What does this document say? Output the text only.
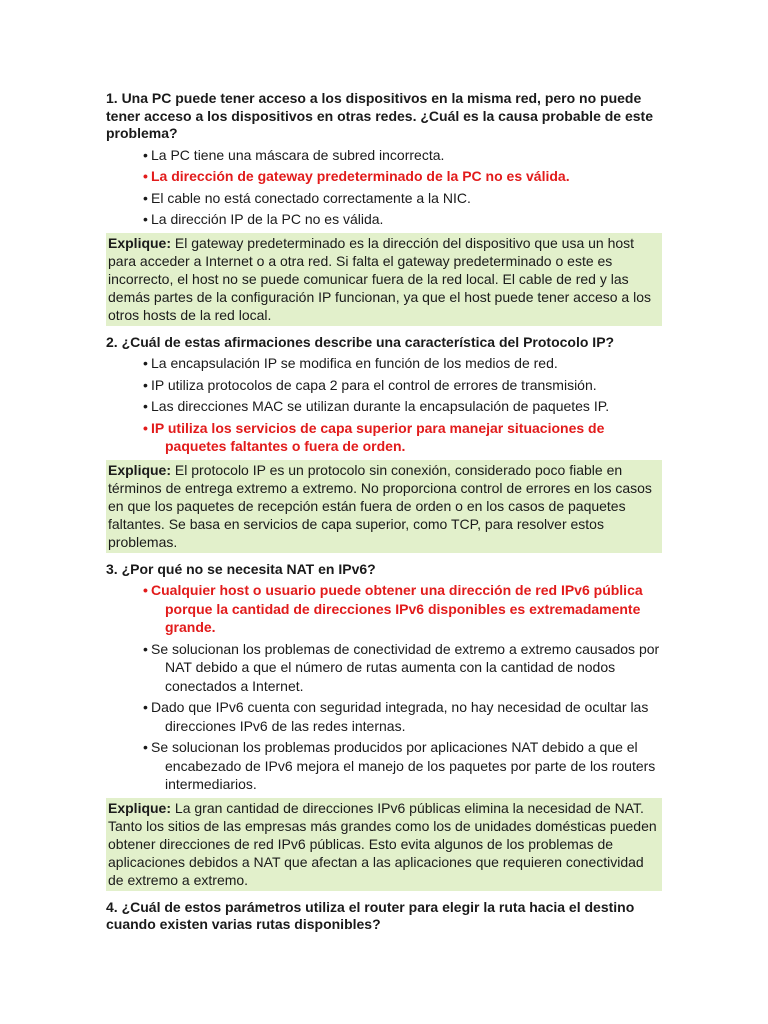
1. Una PC puede tener acceso a los dispositivos en la misma red, pero no puede tener acceso a los dispositivos en otras redes. ¿Cuál es la causa probable de este problema?

• La PC tiene una máscara de subred incorrecta.
• La dirección de gateway predeterminado de la PC no es válida.
• El cable no está conectado correctamente a la NIC.
• La dirección IP de la PC no es válida.
Explique: El gateway predeterminado es la dirección del dispositivo que usa un host para acceder a Internet o a otra red. Si falta el gateway predeterminado o este es incorrecto, el host no se puede comunicar fuera de la red local. El cable de red y las demás partes de la configuración IP funcionan, ya que el host puede tener acceso a los otros hosts de la red local.

2. ¿Cuál de estas afirmaciones describe una característica del Protocolo IP?

• La encapsulación IP se modifica en función de los medios de red.
• IP utiliza protocolos de capa 2 para el control de errores de transmisión.
• Las direcciones MAC se utilizan durante la encapsulación de paquetes IP.
• IP utiliza los servicios de capa superior para manejar situaciones de paquetes faltantes o fuera de orden.
Explique: El protocolo IP es un protocolo sin conexión, considerado poco fiable en términos de entrega extremo a extremo. No proporciona control de errores en los casos en que los paquetes de recepción están fuera de orden o en los casos de paquetes faltantes. Se basa en servicios de capa superior, como TCP, para resolver estos problemas.

3. ¿Por qué no se necesita NAT en IPv6?

• Cualquier host o usuario puede obtener una dirección de red IPv6 pública porque la cantidad de direcciones IPv6 disponibles es extremadamente grande.
• Se solucionan los problemas de conectividad de extremo a extremo causados por NAT debido a que el número de rutas aumenta con la cantidad de nodos conectados a Internet.
• Dado que IPv6 cuenta con seguridad integrada, no hay necesidad de ocultar las direcciones IPv6 de las redes internas.
• Se solucionan los problemas producidos por aplicaciones NAT debido a que el encabezado de IPv6 mejora el manejo de los paquetes por parte de los routers intermediarios.
Explique: La gran cantidad de direcciones IPv6 públicas elimina la necesidad de NAT. Tanto los sitios de las empresas más grandes como los de unidades domésticas pueden obtener direcciones de red IPv6 públicas. Esto evita algunos de los problemas de aplicaciones debidos a NAT que afectan a las aplicaciones que requieren conectividad de extremo a extremo.

4. ¿Cuál de estos parámetros utiliza el router para elegir la ruta hacia el destino cuando existen varias rutas disponibles?
